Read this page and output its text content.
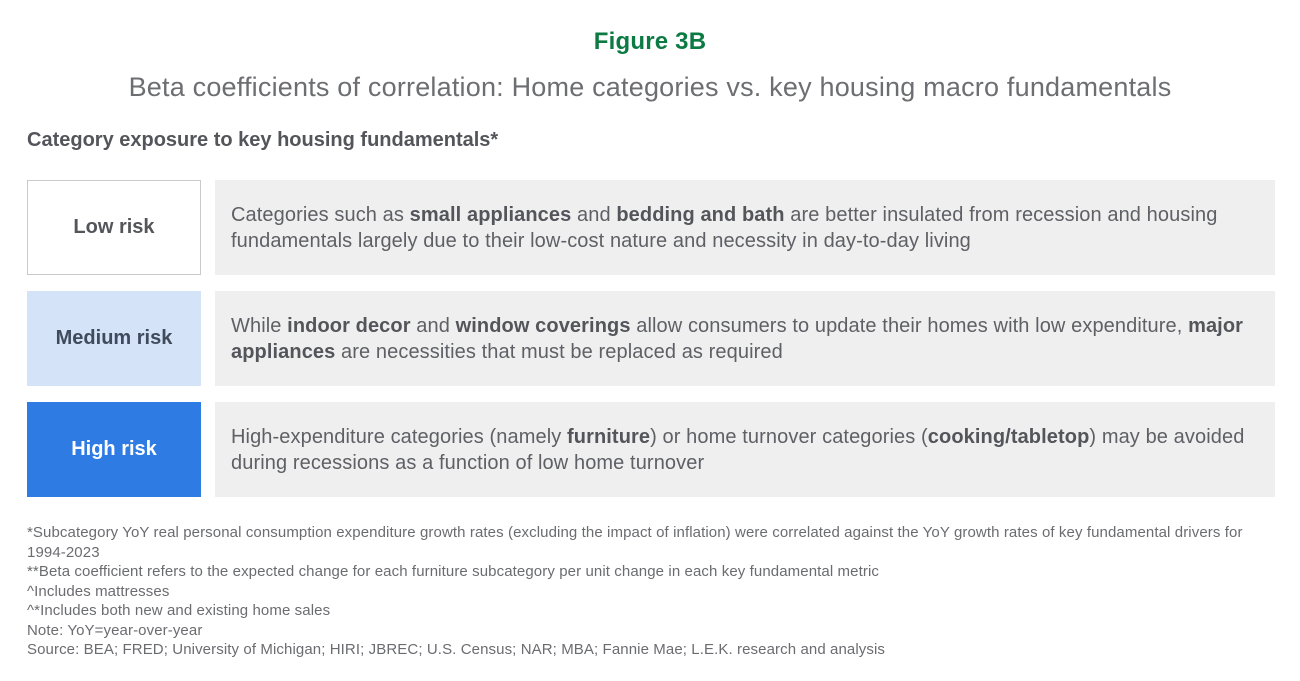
Figure 3B
Beta coefficients of correlation: Home categories vs. key housing macro fundamentals
Category exposure to key housing fundamentals*
Low risk

Categories such as small appliances and bedding and bath are better insulated from recession and housing fundamentals largely due to their low-cost nature and necessity in day-to-day living

Medium risk

While indoor decor and window coverings allow consumers to update their homes with low expenditure, major appliances are necessities that must be replaced as required

High risk

High-expenditure categories (namely furniture) or home turnover categories (cooking/tabletop) may be avoided during recessions as a function of low home turnover

*Subcategory YoY real personal consumption expenditure growth rates (excluding the impact of inflation) were correlated against the YoY growth rates of key fundamental drivers for 1994-2023

**Beta coefficient refers to the expected change for each furniture subcategory per unit change in each key fundamental metric

^Includes mattresses

^*Includes both new and existing home sales

Note: YoY=year-over-year

Source: BEA; FRED; University of Michigan; HIRI; JBREC; U.S. Census; NAR; MBA; Fannie Mae; L.E.K. research and analysis
